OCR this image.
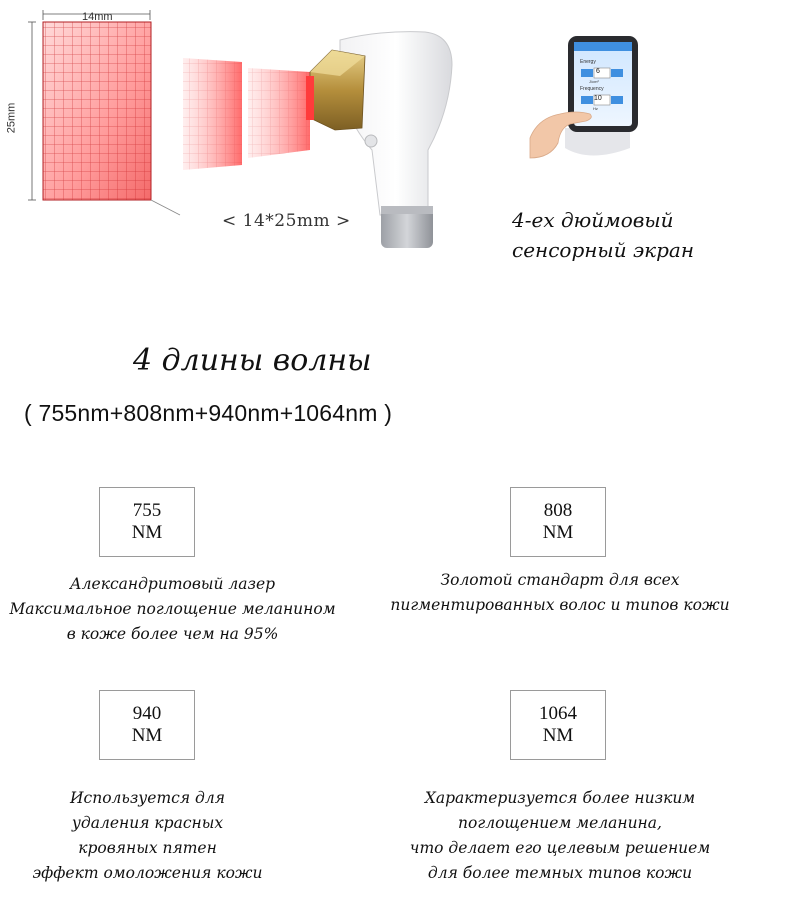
14mm
25mm
< 14*25mm >
Energy
6
J/cm²
Frequency
10
Hz
4-ех дюймовый
сенсорный экран
4 длины волны
( 755nm+808nm+940nm+1064nm )
755
NM
808
NM
940
NM
1064
NM
Александритовый лазер
Максимальное поглощение меланином
в коже более чем на 95%
Золотой стандарт для всех
пигментированных волос и типов кожи
Используется для
удаления красных
кровяных пятен
эффект омоложения кожи
Характеризуется более низким
поглощением меланина,
что делает его целевым решением
для более темных типов кожи
